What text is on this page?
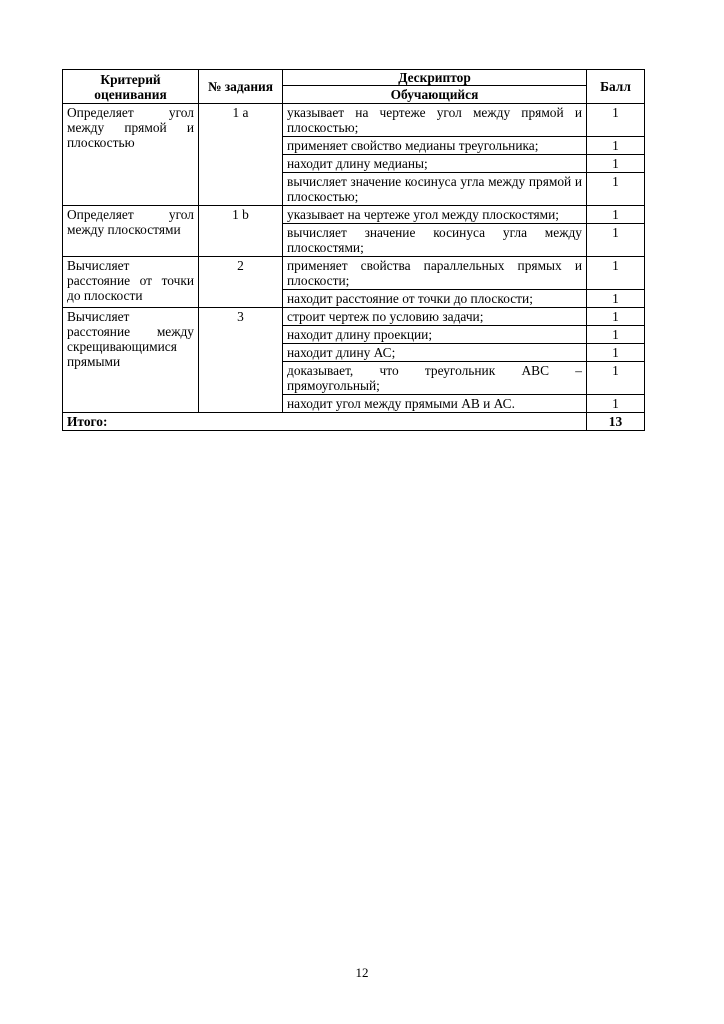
Критерий оценивания	№ задания	Дескриптор	Балл
		Обучающийся	
Определяет угол между прямой и плоскостью	1 a	указывает на чертеже угол между прямой и плоскостью;	1
		применяет свойство медианы треугольника;	1
		находит длину медианы;	1
		вычисляет значение косинуса угла между прямой и плоскостью;	1
Определяет угол между плоскостями	1 b	указывает на чертеже угол между плоскостями;	1
		вычисляет значение косинуса угла между плоскостями;	1
Вычисляет расстояние от точки до плоскости	2	применяет свойства параллельных прямых и плоскости;	1
		находит расстояние от точки до плоскости;	1
Вычисляет расстояние между скрещивающимися прямыми	3	строит чертеж по условию задачи;	1
		находит длину проекции;	1
		находит длину АС;	1
		доказывает, что треугольник АВС – прямоугольный;	1
		находит угол между прямыми АВ и АС.	1
Итого:			13
12
